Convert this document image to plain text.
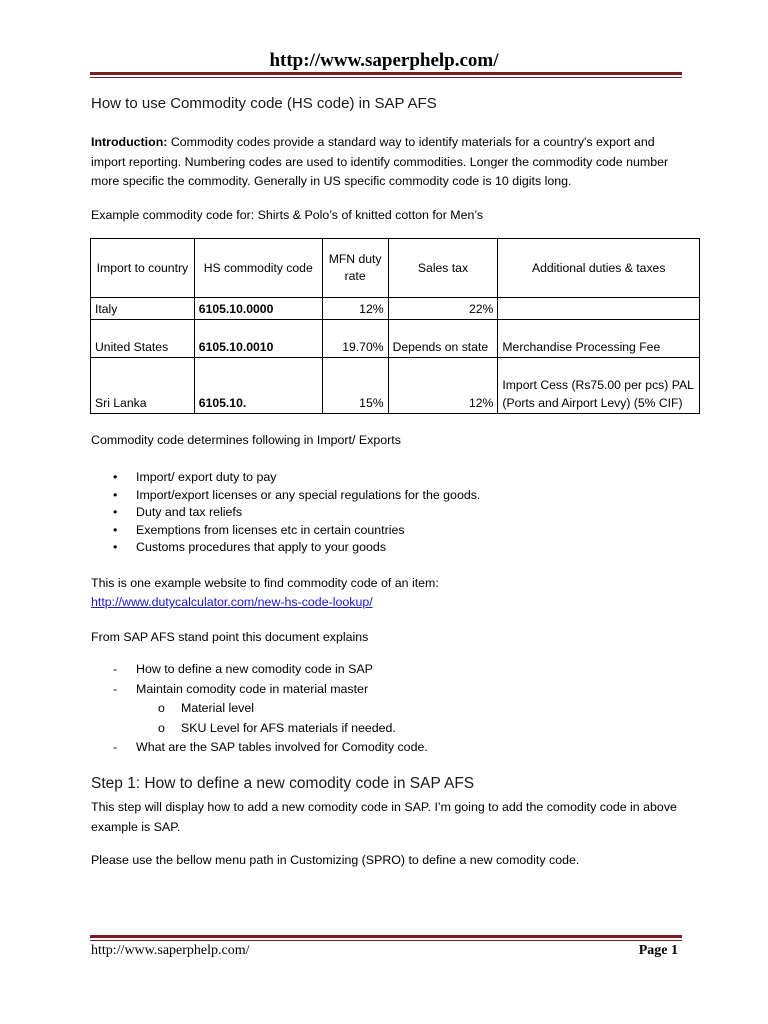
http://www.saperphelp.com/
How to use Commodity code (HS code) in SAP AFS
Introduction: Commodity codes provide a standard way to identify materials for a country's export and import reporting. Numbering codes are used to identify commodities. Longer the commodity code number more specific the commodity. Generally in US specific commodity code is 10 digits long.
Example commodity code for: Shirts & Polo’s of knitted cotton for Men’s
Import to country	HS commodity code	MFN duty rate	Sales tax	Additional duties & taxes
Italy	6105.10.0000	12%	22%	
United States	6105.10.0010	19.70%	Depends on state	Merchandise Processing Fee
Sri Lanka	6105.10.	15%	12%	Import Cess (Rs75.00 per pcs) PAL (Ports and Airport Levy) (5% CIF)
Commodity code determines following in Import/ Exports
• Import/ export duty to pay
• Import/export licenses or any special regulations for the goods.
• Duty and tax reliefs
• Exemptions from licenses etc in certain countries
• Customs procedures that apply to your goods
This is one example website to find commodity code of an item:
http://www.dutycalculator.com/new-hs-code-lookup/
From SAP AFS stand point this document explains
- How to define a new comodity code in SAP
- Maintain comodity code in material master
o Material level
o SKU Level for AFS materials if needed.
- What are the SAP tables involved for Comodity code.
Step 1: How to define a new comodity code in SAP AFS
This step will display how to add a new comodity code in SAP. I’m going to add the comodity code in above example is SAP.
Please use the bellow menu path in Customizing (SPRO) to define a new comodity code.
http://www.saperphelp.com/	Page 1
